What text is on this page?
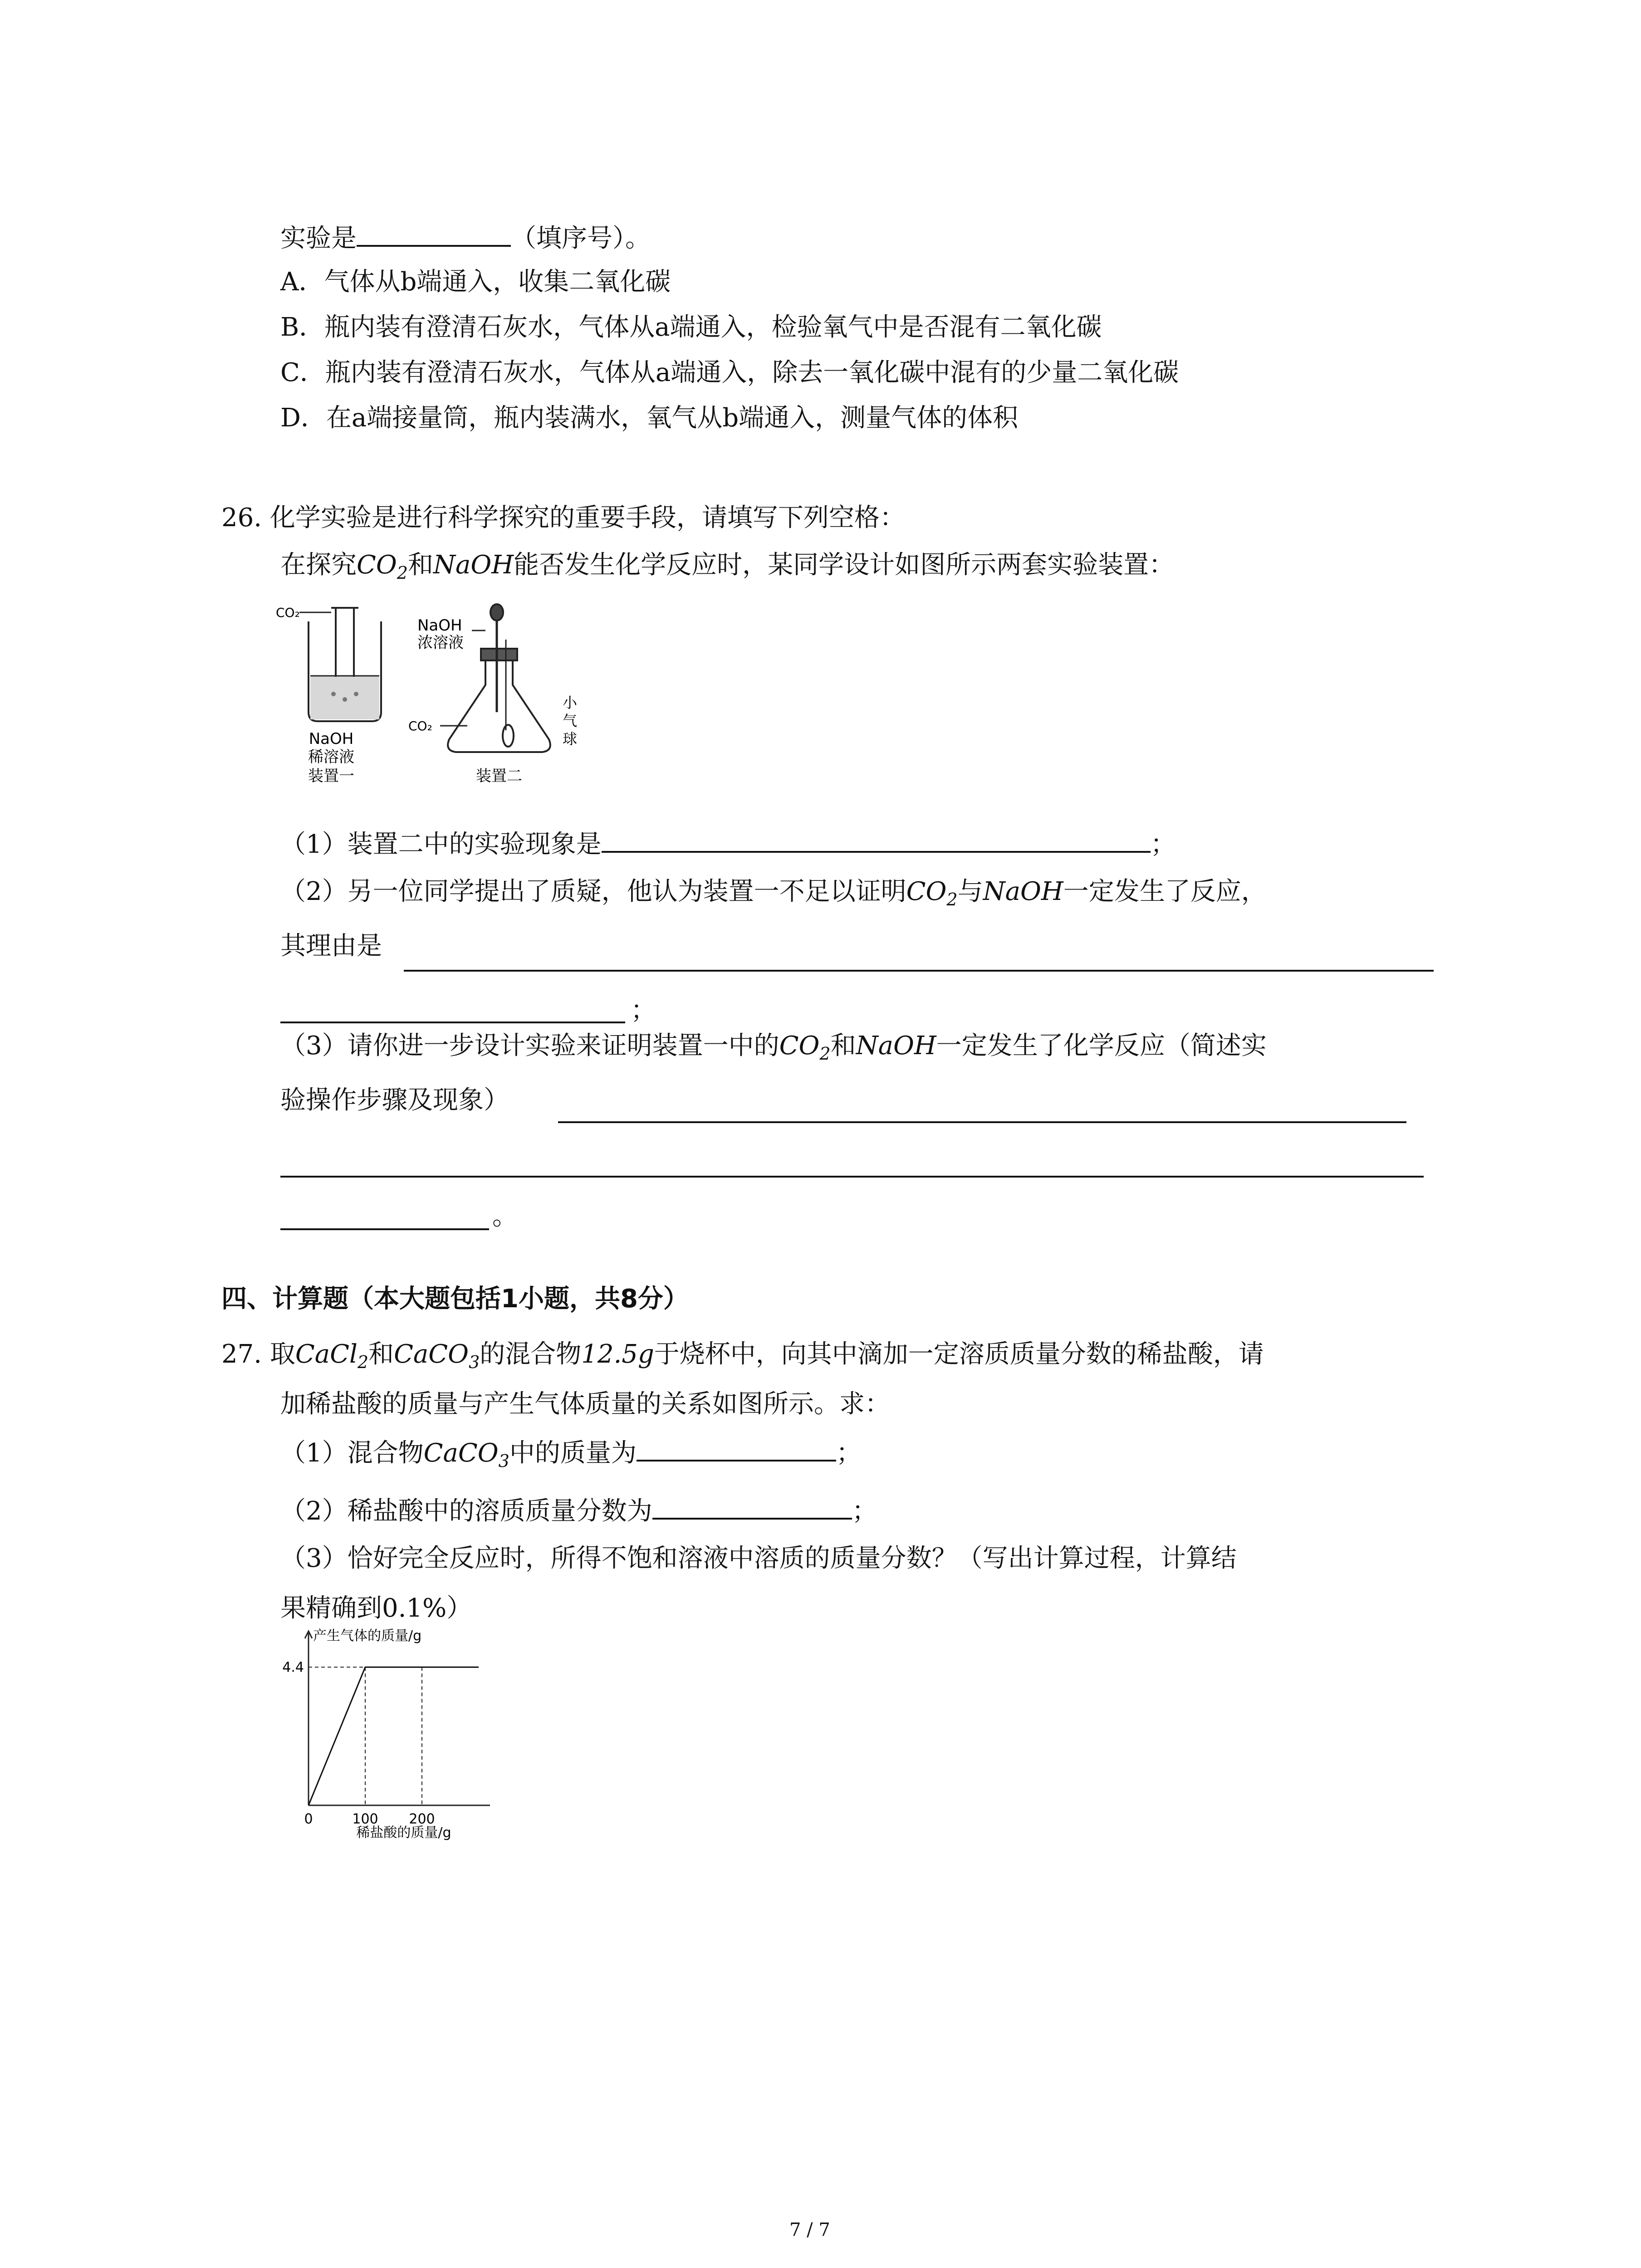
实验是	（填序号）。
A．气体从b端通入，收集二氧化碳
B．瓶内装有澄清石灰水，气体从a端通入，检验氧气中是否混有二氧化碳
C．瓶内装有澄清石灰水，气体从a端通入，除去一氧化碳中混有的少量二氧化碳
D．在a端接量筒，瓶内装满水，氧气从b端通入，测量气体的体积
26. 化学实验是进行科学探究的重要手段，请填写下列空格：
在探究$CO_2$和NaOH能否发生化学反应时，某同学设计如图所示两套实验装置：
CO₂
NaOH
稀溶液
装置一
NaOH
浓溶液
CO₂
小
气
球
装置二
（1）装置二中的实验现象是	；
（2）另一位同学提出了质疑，他认为装置一不足以证明$CO_2$与NaOH一定发生了反应，
其理由是
；
（3）请你进一步设计实验来证明装置一中的$CO_2$和NaOH一定发生了化学反应（简述实
验操作步骤及现象）
。
四、计算题（本大题包括1小题，共8分）
27. 取CaCl$_2$和CaCO$_3$的混合物12.5g于烧杯中，向其中滴加一定溶质质量分数的稀盐酸，请
加稀盐酸的质量与产生气体质量的关系如图所示。求：
（1）混合物CaCO$_3$中的质量为	；
（2）稀盐酸中的溶质质量分数为	；
（3）恰好完全反应时，所得不饱和溶液中溶质的质量分数？（写出计算过程，计算结
果精确到0.1%）
产生气体的质量/g
稀盐酸的质量/g
4.4
0	100 200
7 / 7
